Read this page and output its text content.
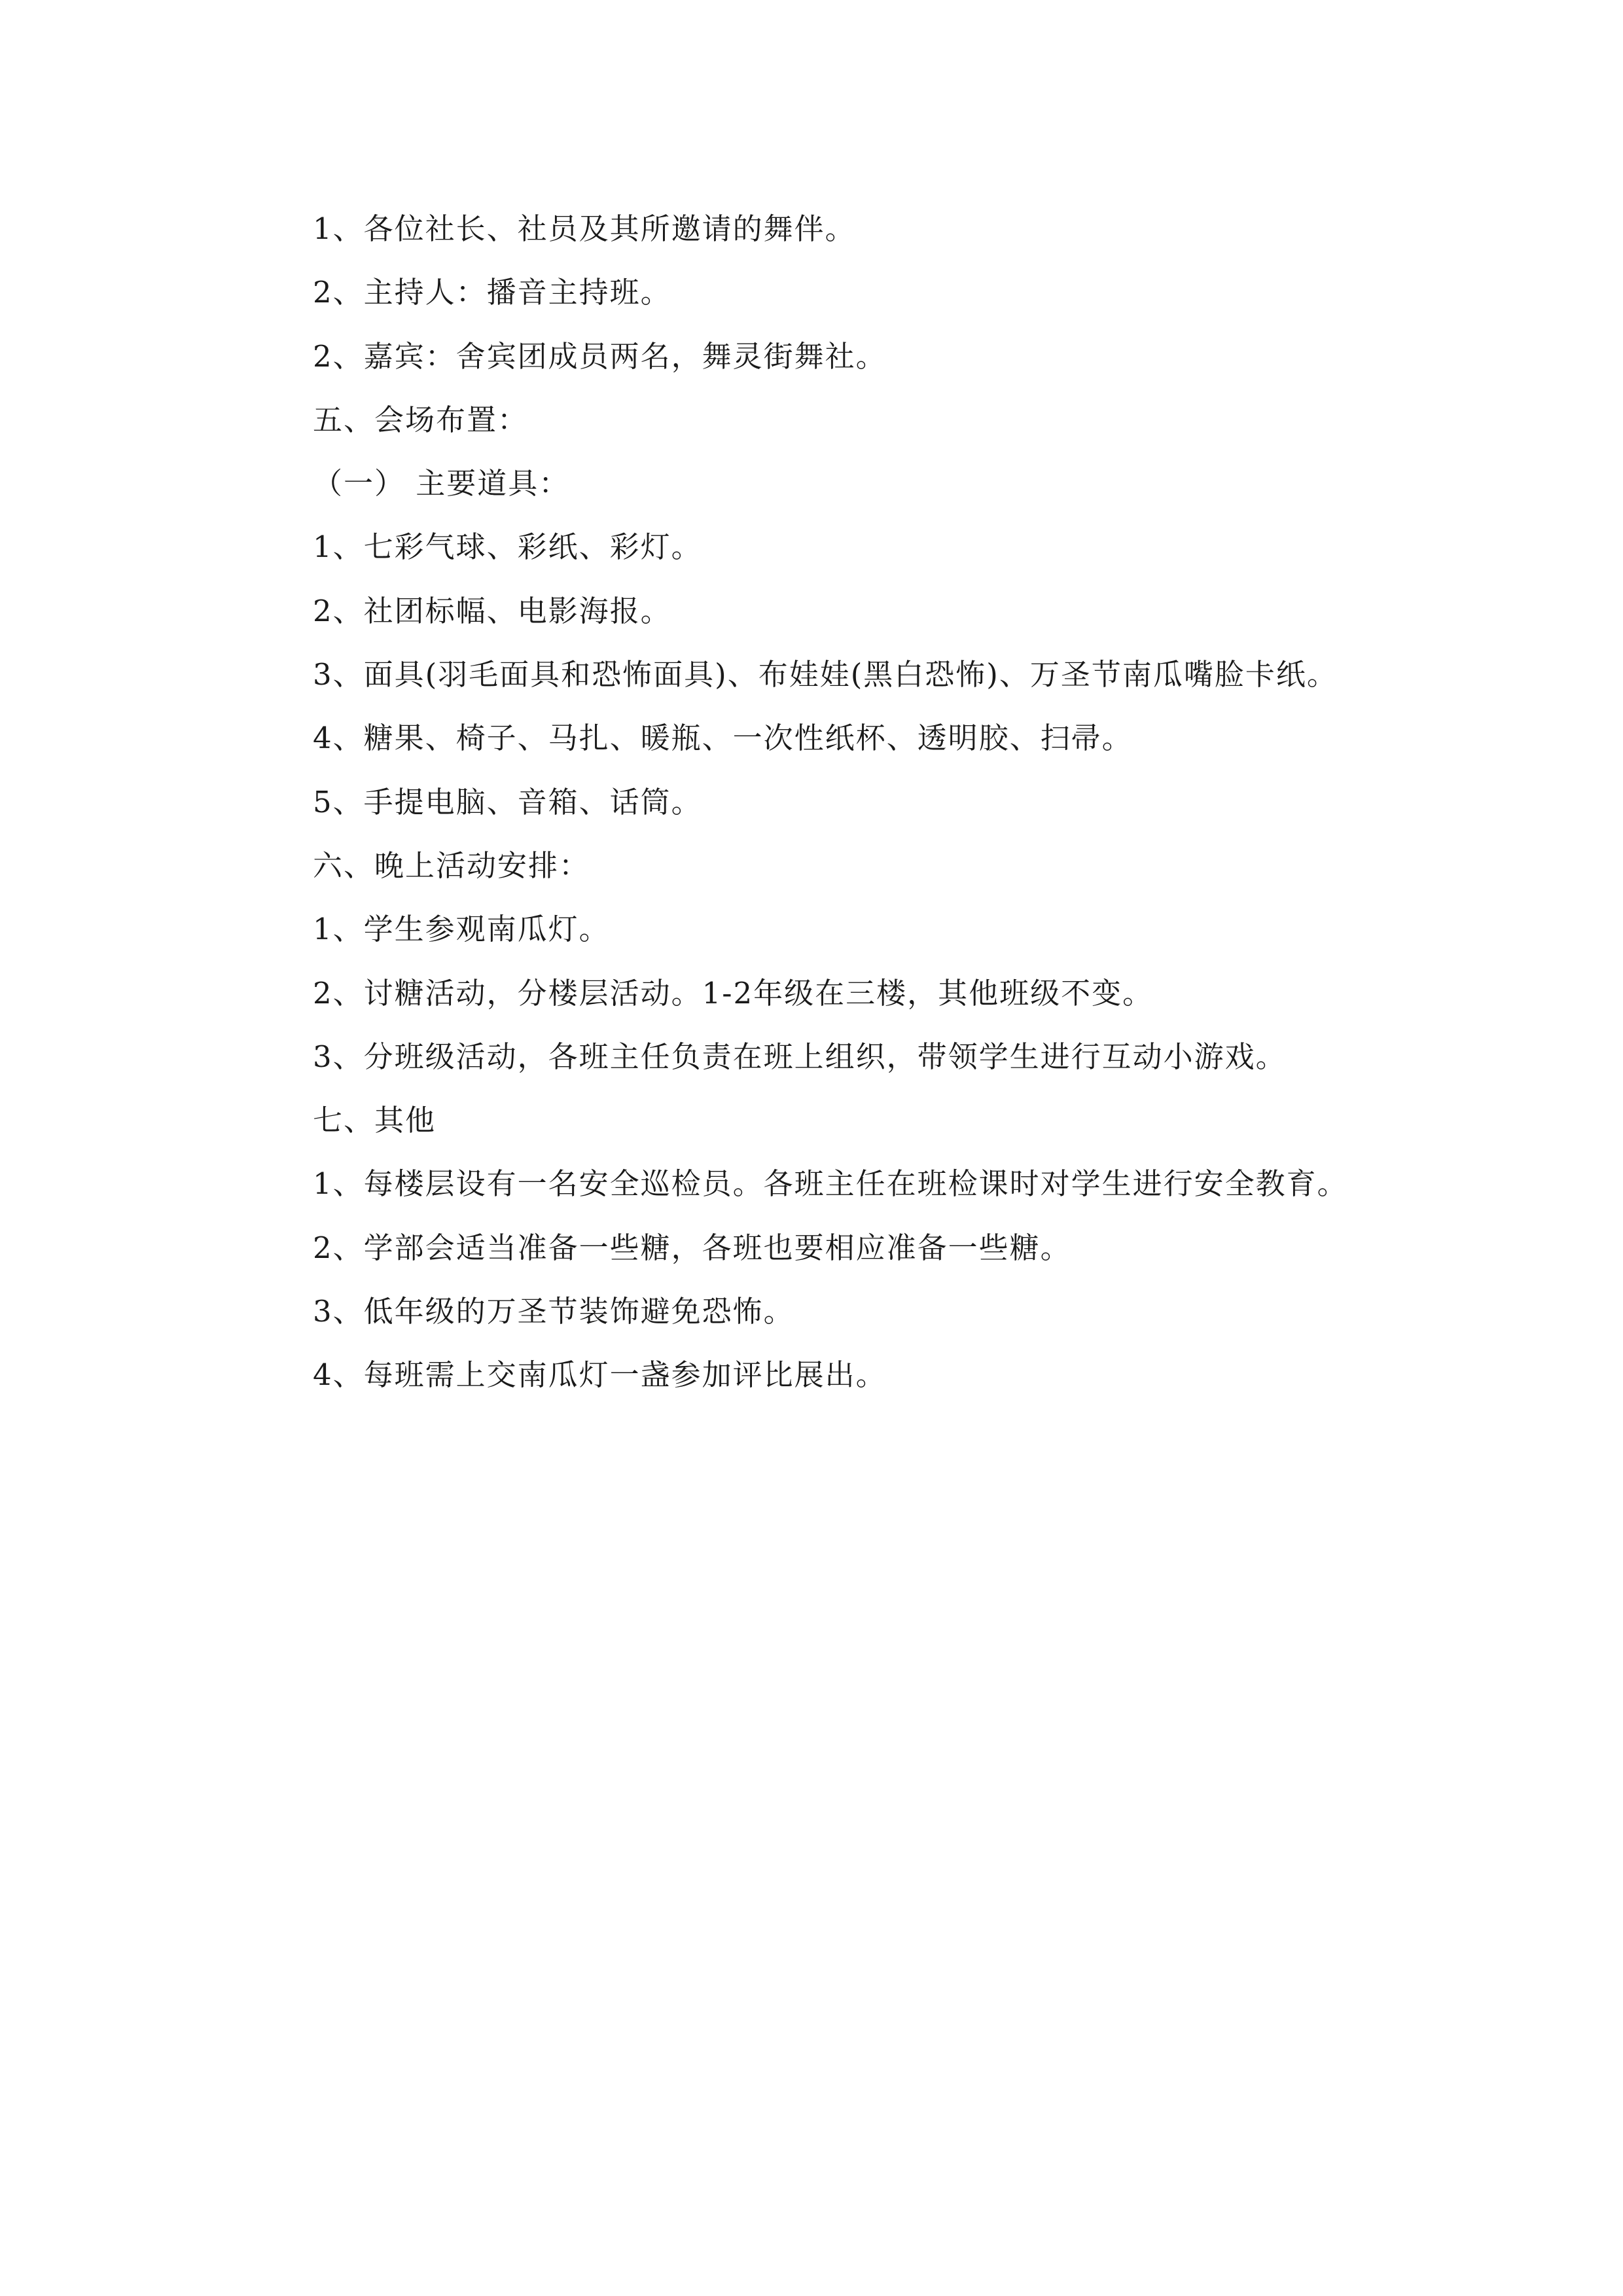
1、各位社长、社员及其所邀请的舞伴。
2、主持人：播音主持班。
2、嘉宾：舍宾团成员两名，舞灵街舞社。
五、会场布置：
（一） 主要道具：
1、七彩气球、彩纸、彩灯。
2、社团标幅、电影海报。
3、面具(羽毛面具和恐怖面具)、布娃娃(黑白恐怖)、万圣节南瓜嘴脸卡纸。
4、糖果、椅子、马扎、暖瓶、一次性纸杯、透明胶、扫帚。
5、手提电脑、音箱、话筒。
六、晚上活动安排：
1、学生参观南瓜灯。
2、讨糖活动，分楼层活动。1-2年级在三楼，其他班级不变。
3、分班级活动，各班主任负责在班上组织，带领学生进行互动小游戏。
七、其他
1、每楼层设有一名安全巡检员。各班主任在班检课时对学生进行安全教育。
2、学部会适当准备一些糖，各班也要相应准备一些糖。
3、低年级的万圣节装饰避免恐怖。
4、每班需上交南瓜灯一盏参加评比展出。
